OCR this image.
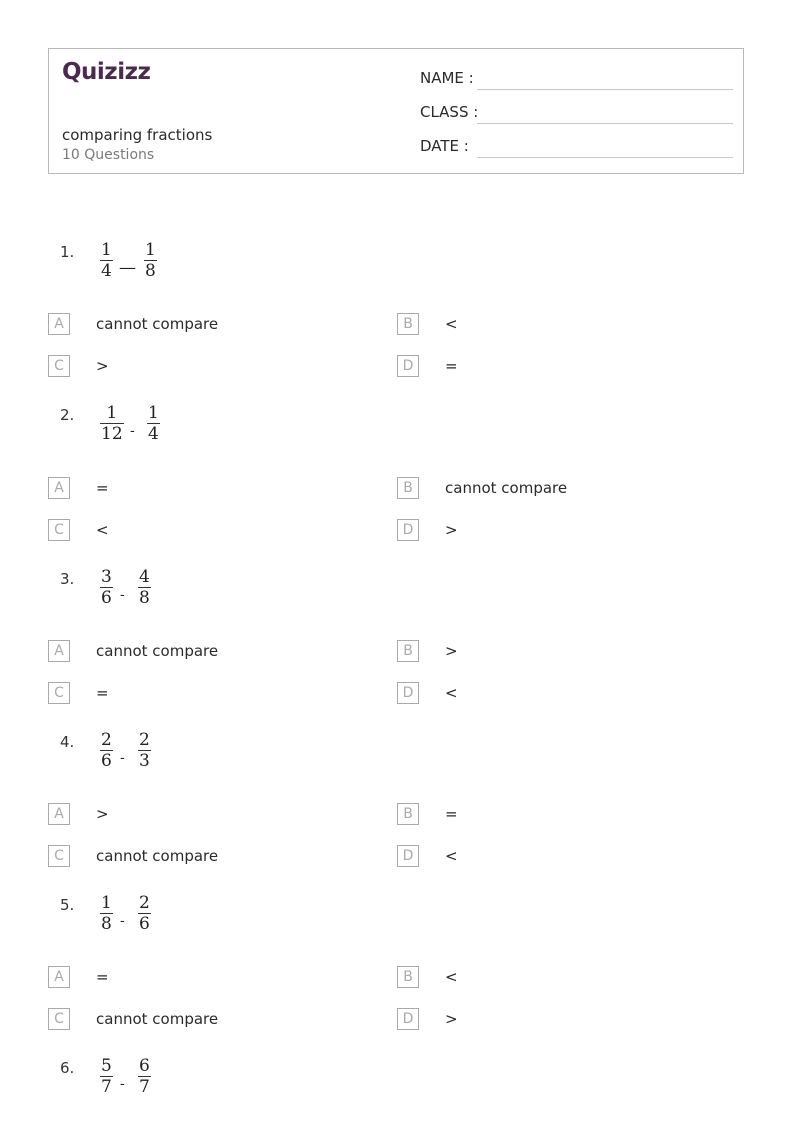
Quizizz
comparing fractions
10 Questions
NAME :
CLASS :
DATE :
1. $\frac{1}{4}$ — $\frac{1}{8}$
A	cannot compare	B	<
C	>	D	=
2. $\frac{1}{12} - \frac{1}{4}$
A	=	B	cannot compare
C	<	D	>
3. $\frac{3}{6} - \frac{4}{8}$
A	cannot compare	B	>
C	=	D	<
4. $\frac{2}{6} - \frac{2}{3}$
A	>	B	=
C	cannot compare	D	<
5. $\frac{1}{8} - \frac{2}{6}$
A	=	B	<
C	cannot compare	D	>
6. $\frac{5}{7} - \frac{6}{7}$
